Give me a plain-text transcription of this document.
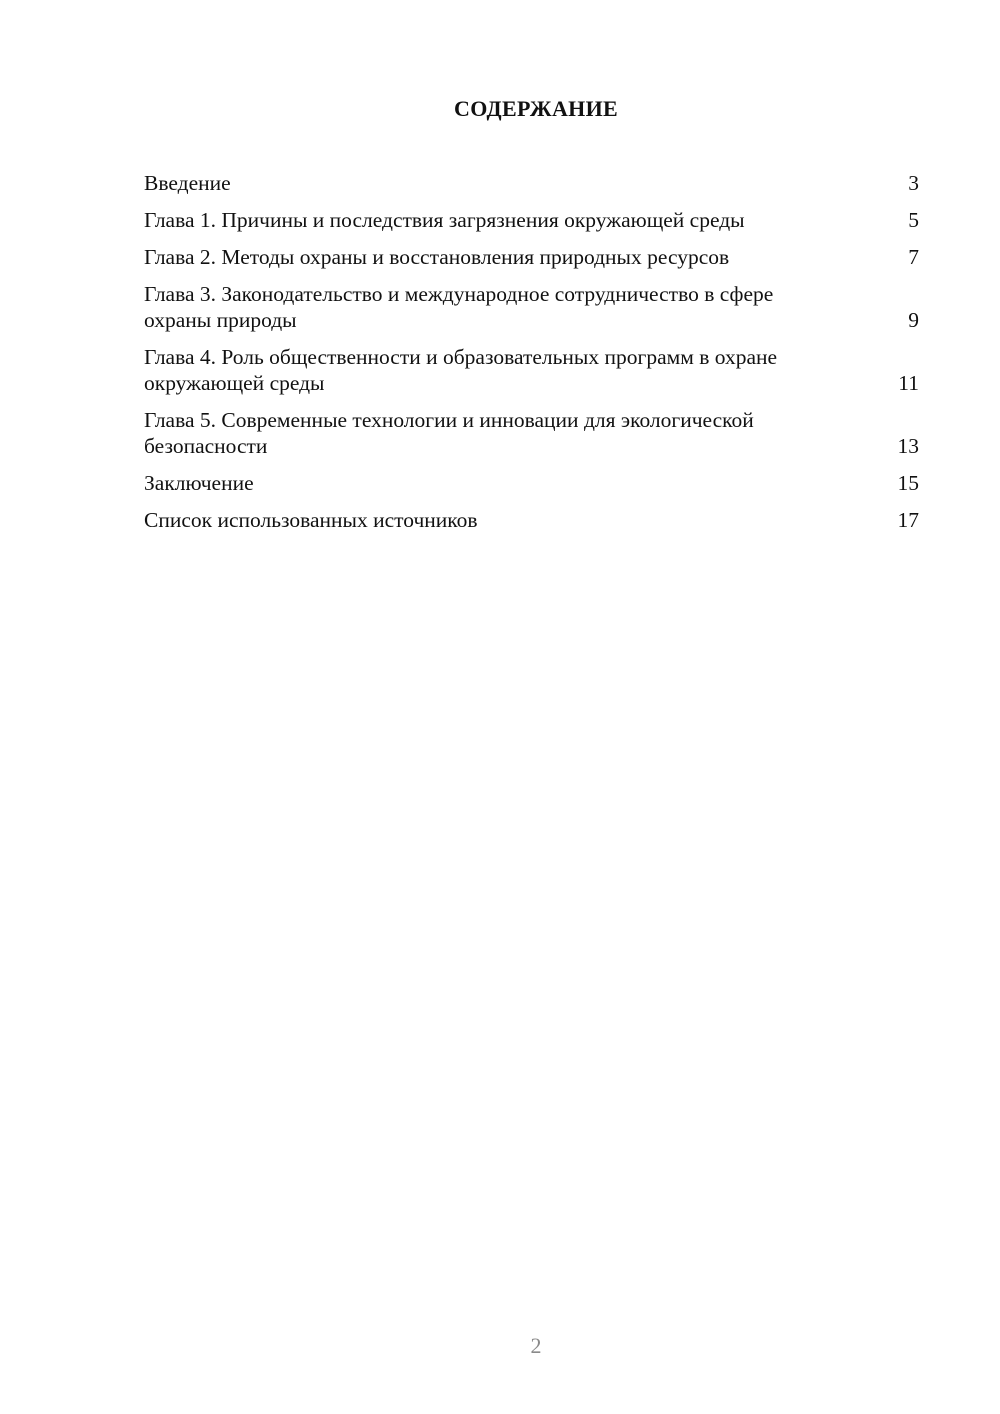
СОДЕРЖАНИЕ
Введение	3
Глава 1. Причины и последствия загрязнения окружающей среды	5
Глава 2. Методы охраны и восстановления природных ресурсов	7
Глава 3. Законодательство и международное сотрудничество в сфере охраны природы	9
Глава 4. Роль общественности и образовательных программ в охране окружающей среды	11
Глава 5. Современные технологии и инновации для экологической безопасности	13
Заключение	15
Список использованных источников	17
2
